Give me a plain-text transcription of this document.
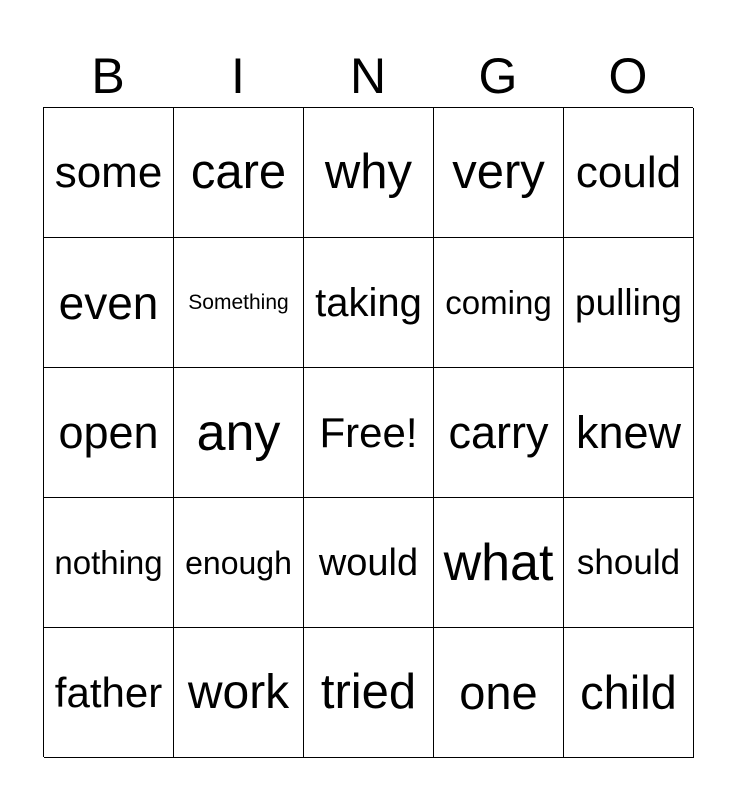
B	I	N	G	O
some care why very could
even Something taking coming pulling
open any Free! carry knew
nothing enough would what should
father work tried one child
